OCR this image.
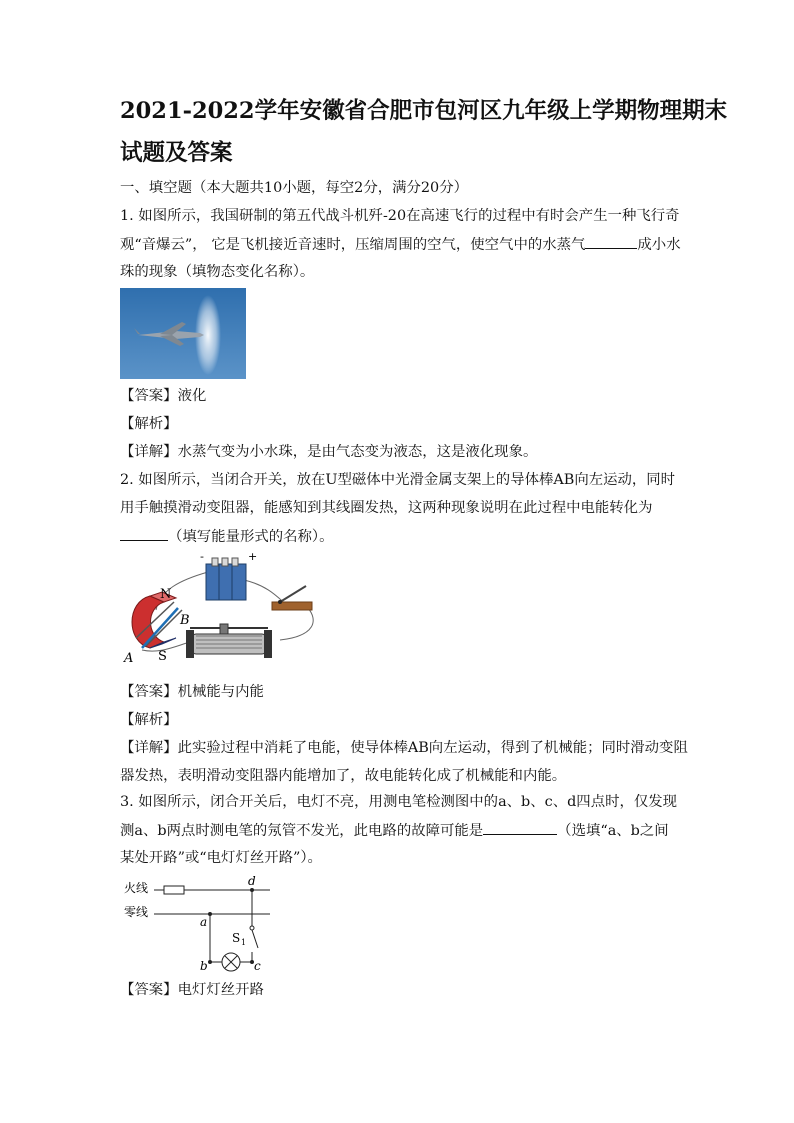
2021-2022学年安徽省合肥市包河区九年级上学期物理期末
试题及答案
一、填空题（本大题共10小题，每空2分，满分20分）
1. 如图所示，我国研制的第五代战斗机歼-20在高速飞行的过程中有时会产生一种飞行奇
观“音爆云”， 它是飞机接近音速时，压缩周围的空气，使空气中的水蒸气	成小水
珠的现象（填物态变化名称）。
【答案】液化
【解析】
【详解】水蒸气变为小水珠，是由气态变为液态，这是液化现象。
2. 如图所示，当闭合开关，放在U型磁体中光滑金属支架上的导体棒AB向左运动，同时
用手触摸滑动变阻器，能感知到其线圈发热，这两种现象说明在此过程中电能转化为
（填写能量形式的名称）。
-	+
N
S
A
B
【答案】机械能与内能
【解析】
【详解】此实验过程中消耗了电能，使导体棒AB向左运动，得到了机械能；同时滑动变阻
器发热，表明滑动变阻器内能增加了，故电能转化成了机械能和内能。
3. 如图所示，闭合开关后，电灯不亮，用测电笔检测图中的a、b、c、d四点时，仅发现
测a、b两点时测电笔的氖管不发光，此电路的故障可能是	（选填“a、b之间
某处开路”或“电灯灯丝开路”）。
火线
零线
d
S 1
c
a
b
【答案】电灯灯丝开路
